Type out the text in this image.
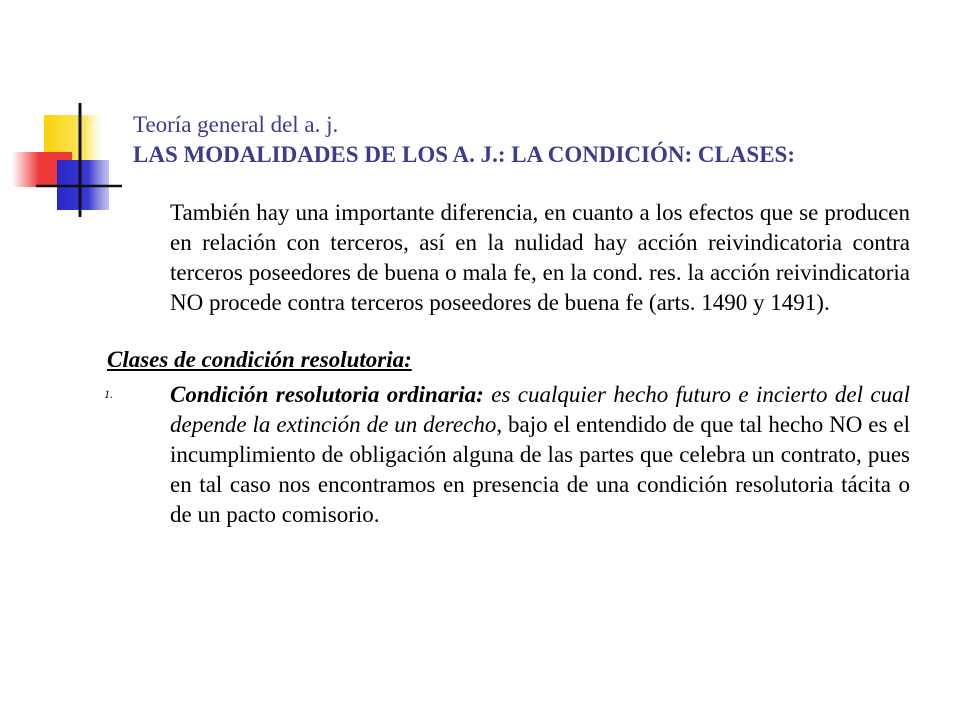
Teoría general del a. j.
LAS MODALIDADES DE LOS A. J.: LA CONDICIÓN: CLASES:
También hay una importante diferencia, en cuanto a los efectos que se producen en relación con terceros, así en la nulidad hay acción reivindicatoria contra terceros poseedores de buena o mala fe, en la cond. res. la acción reivindicatoria NO procede contra terceros poseedores de buena fe (arts. 1490 y 1491).
Clases de condición resolutoria:
1. Condición resolutoria ordinaria: es cualquier hecho futuro e incierto del cual depende la extinción de un derecho, bajo el entendido de que tal hecho NO es el incumplimiento de obligación alguna de las partes que celebra un contrato, pues en tal caso nos encontramos en presencia de una condición resolutoria tácita o de un pacto comisorio.
